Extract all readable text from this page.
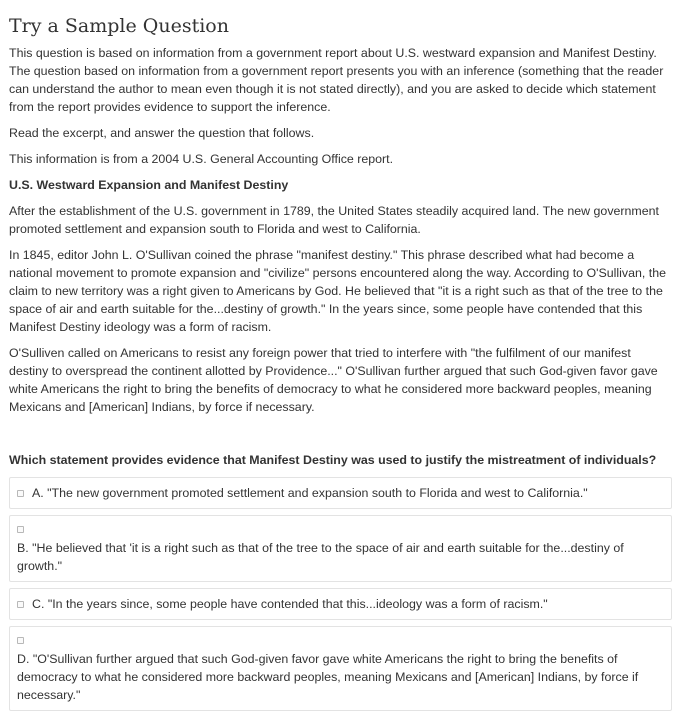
Try a Sample Question

This question is based on information from a government report about U.S. westward expansion and Manifest Destiny. The question based on information from a government report presents you with an inference (something that the reader can understand the author to mean even though it is not stated directly), and you are asked to decide which statement from the report provides evidence to support the inference.

Read the excerpt, and answer the question that follows.

This information is from a 2004 U.S. General Accounting Office report.

U.S. Westward Expansion and Manifest Destiny

After the establishment of the U.S. government in 1789, the United States steadily acquired land. The new government promoted settlement and expansion south to Florida and west to California.

In 1845, editor John L. O'Sullivan coined the phrase "manifest destiny." This phrase described what had become a national movement to promote expansion and "civilize" persons encountered along the way. According to O'Sullivan, the claim to new territory was a right given to Americans by God. He believed that "it is a right such as that of the tree to the space of air and earth suitable for the...destiny of growth." In the years since, some people have contended that this Manifest Destiny ideology was a form of racism.

O'Sulliven called on Americans to resist any foreign power that tried to interfere with "the fulfilment of our manifest destiny to overspread the continent allotted by Providence..." O'Sullivan further argued that such God-given favor gave white Americans the right to bring the benefits of democracy to what he considered more backward peoples, meaning Mexicans and [American] Indians, by force if necessary.

Which statement provides evidence that Manifest Destiny was used to justify the mistreatment of individuals?

A. "The new government promoted settlement and expansion south to Florida and west to California."
B. "He believed that 'it is a right such as that of the tree to the space of air and earth suitable for the...destiny of growth."
C. "In the years since, some people have contended that this...ideology was a form of racism."
D. "O'Sullivan further argued that such God-given favor gave white Americans the right to bring the benefits of democracy to what he considered more backward peoples, meaning Mexicans and [American] Indians, by force if necessary."
